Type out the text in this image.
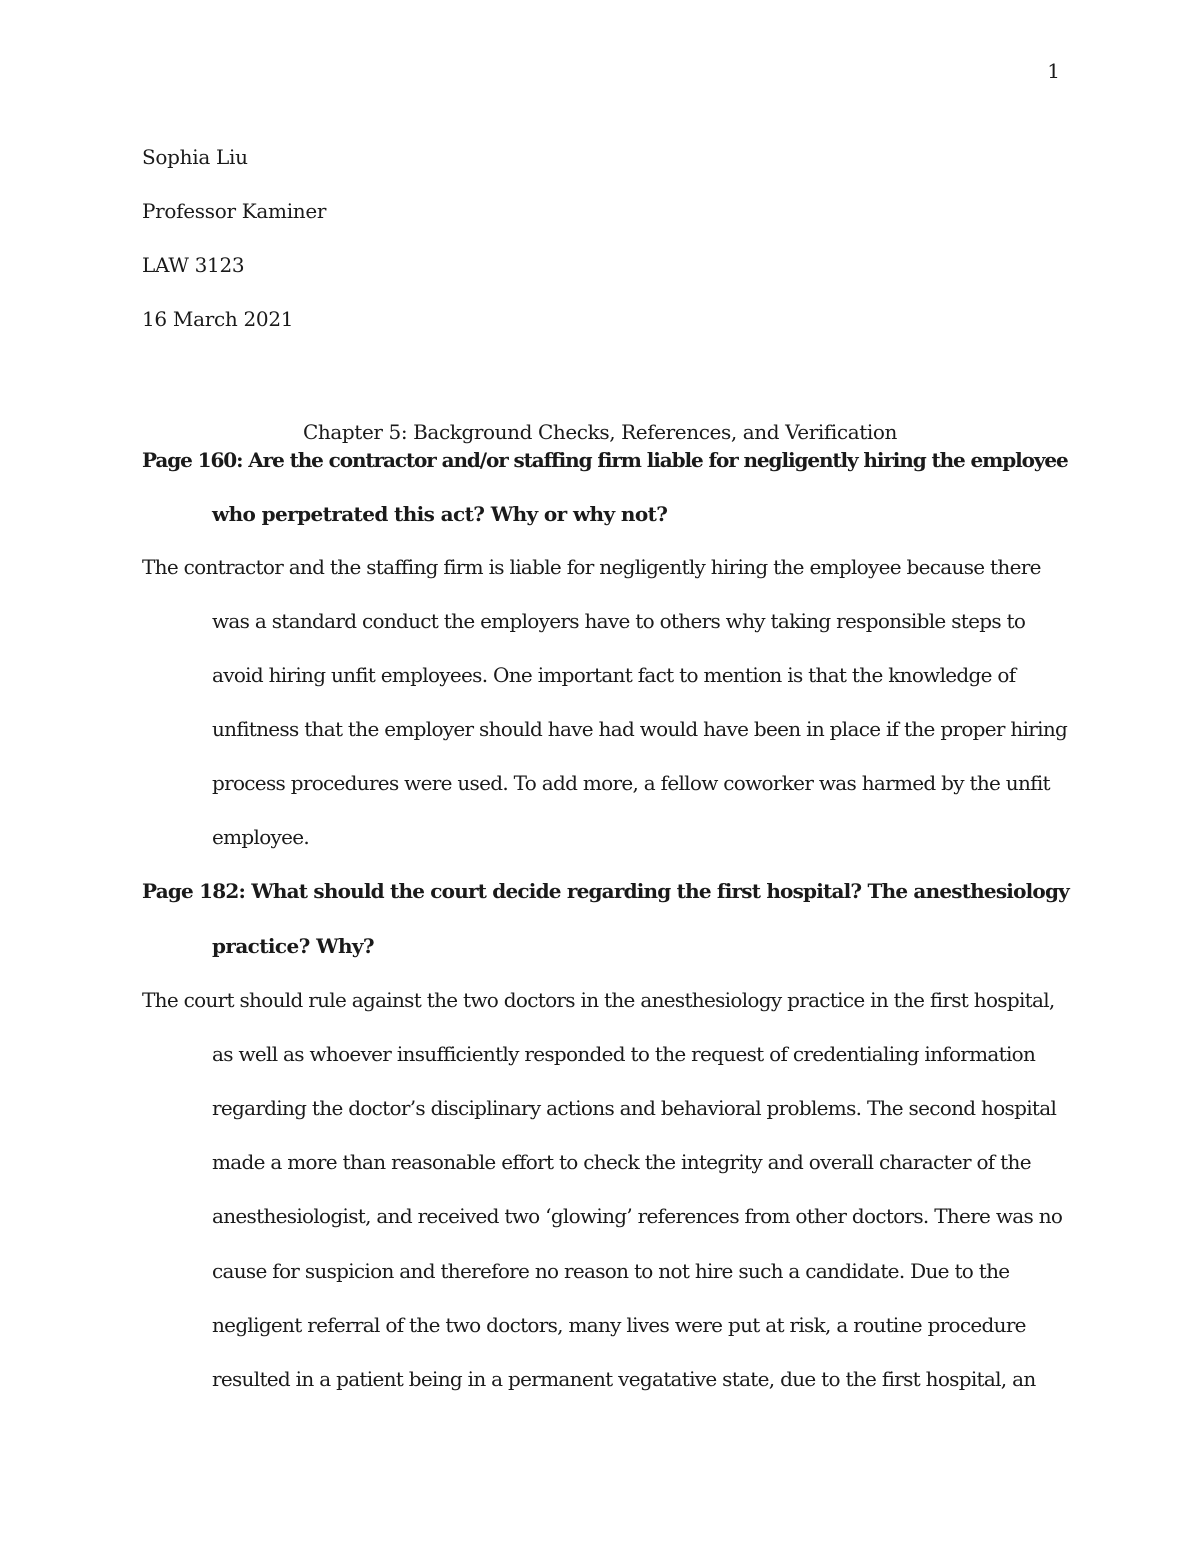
1
Sophia Liu
Professor Kaminer
LAW 3123
16 March 2021
Chapter 5: Background Checks, References, and Verification
Page 160: Are the contractor and/or staffing firm liable for negligently hiring the employee
who perpetrated this act? Why or why not?
The contractor and the staffing firm is liable for negligently hiring the employee because there
was a standard conduct the employers have to others why taking responsible steps to
avoid hiring unfit employees. One important fact to mention is that the knowledge of
unfitness that the employer should have had would have been in place if the proper hiring
process procedures were used. To add more, a fellow coworker was harmed by the unfit
employee.
Page 182: What should the court decide regarding the first hospital? The anesthesiology
practice? Why?
The court should rule against the two doctors in the anesthesiology practice in the first hospital,
as well as whoever insufficiently responded to the request of credentialing information
regarding the doctor’s disciplinary actions and behavioral problems. The second hospital
made a more than reasonable effort to check the integrity and overall character of the
anesthesiologist, and received two ‘glowing’ references from other doctors. There was no
cause for suspicion and therefore no reason to not hire such a candidate. Due to the
negligent referral of the two doctors, many lives were put at risk, a routine procedure
resulted in a patient being in a permanent vegatative state, due to the first hospital, an
